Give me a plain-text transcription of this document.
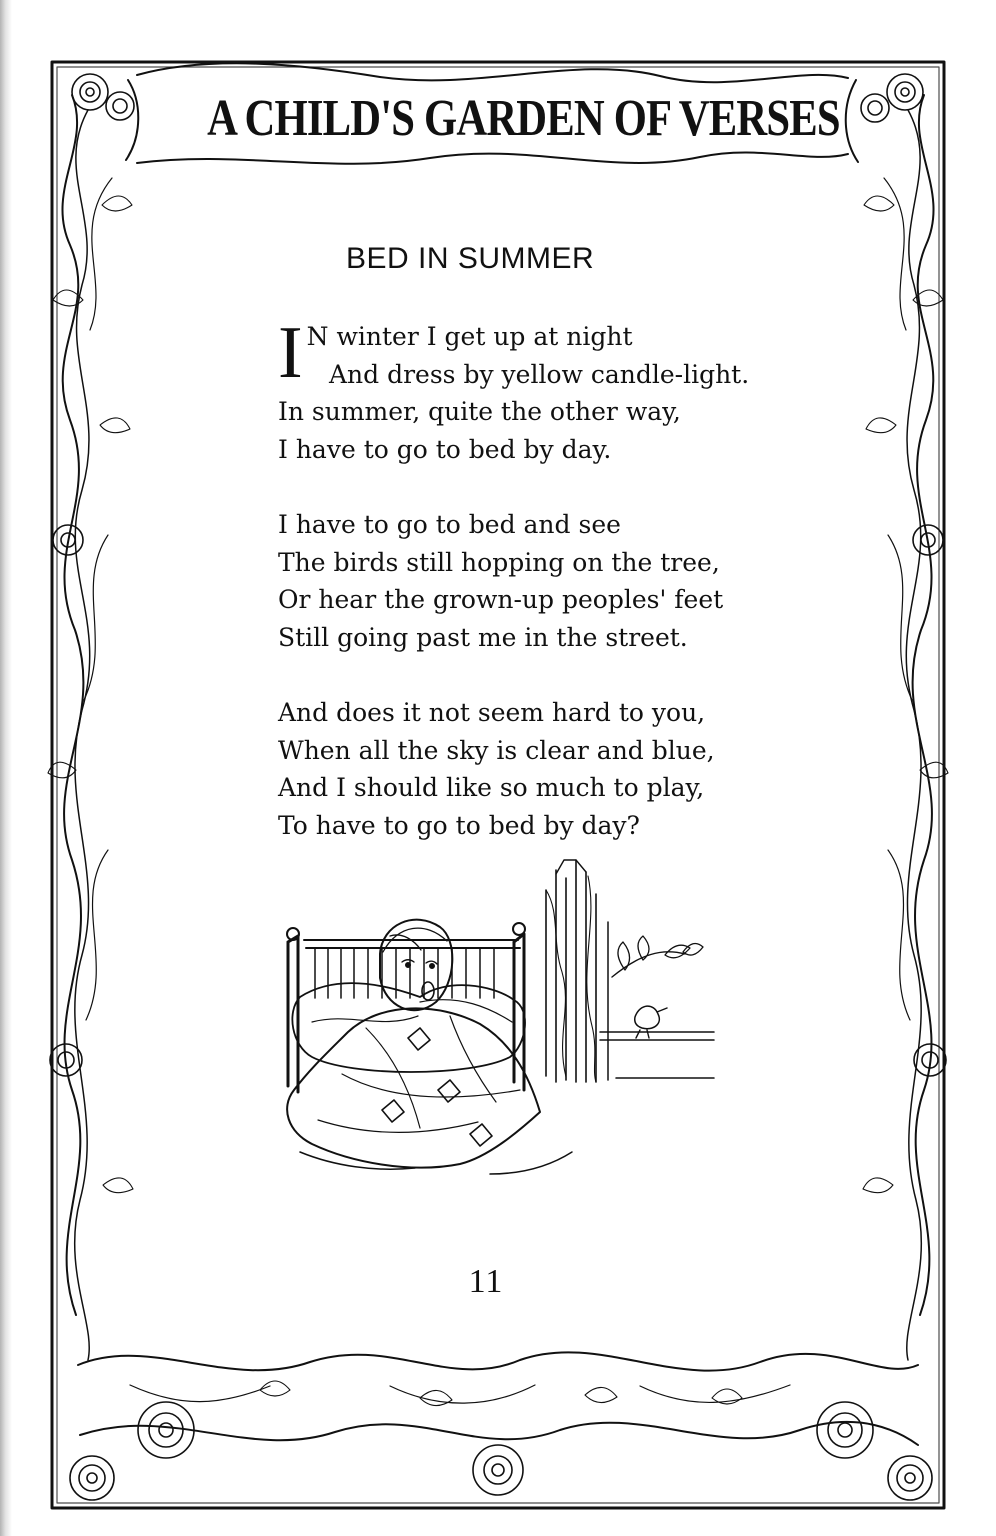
A CHILD'S GARDEN OF VERSES
BED IN SUMMER
I N winter I get up at night
And dress by yellow candle-light.
In summer, quite the other way,
I have to go to bed by day.
I have to go to bed and see
The birds still hopping on the tree,
Or hear the grown-up peoples' feet
Still going past me in the street.
And does it not seem hard to you,
When all the sky is clear and blue,
And I should like so much to play,
To have to go to bed by day?
11
